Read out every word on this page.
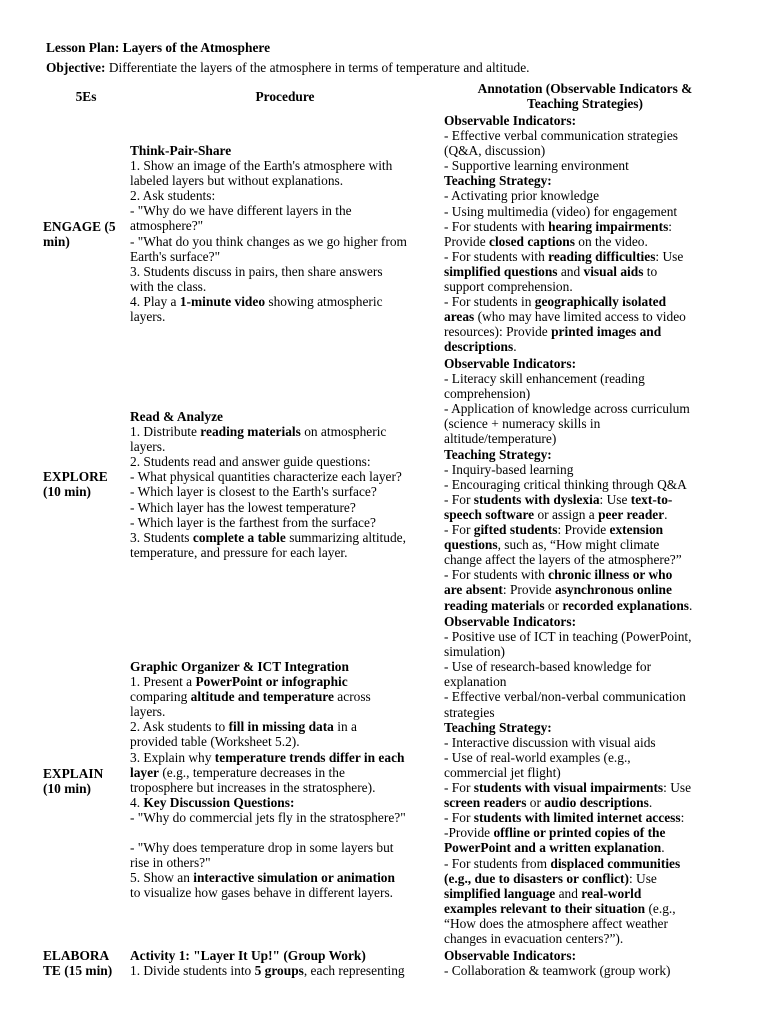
Lesson Plan: Layers of the Atmosphere
Objective: Differentiate the layers of the atmosphere in terms of temperature and altitude.
5Es	Procedure
Annotation (Observable Indicators &
Teaching Strategies)
ENGAGE (5
min)
Think-Pair-Share
1. Show an image of the Earth's atmosphere with
labeled layers but without explanations.
2. Ask students:
- "Why do we have different layers in the
atmosphere?"
- "What do you think changes as we go higher from
Earth's surface?"
3. Students discuss in pairs, then share answers
with the class.
4. Play a 1-minute video showing atmospheric
layers.
Observable Indicators:
- Effective verbal communication strategies
(Q&A, discussion)
- Supportive learning environment
Teaching Strategy:
- Activating prior knowledge
- Using multimedia (video) for engagement
- For students with hearing impairments:
Provide closed captions on the video.
- For students with reading difficulties: Use
simplified questions and visual aids to
support comprehension.
- For students in geographically isolated
areas (who may have limited access to video
resources): Provide printed images and
descriptions.
EXPLORE
(10 min)
Read & Analyze
1. Distribute reading materials on atmospheric
layers.
2. Students read and answer guide questions:
- What physical quantities characterize each layer?
- Which layer is closest to the Earth's surface?
- Which layer has the lowest temperature?
- Which layer is the farthest from the surface?
3. Students complete a table summarizing altitude,
temperature, and pressure for each layer.
Observable Indicators:
- Literacy skill enhancement (reading
comprehension)
- Application of knowledge across curriculum
(science + numeracy skills in
altitude/temperature)
Teaching Strategy:
- Inquiry-based learning
- Encouraging critical thinking through Q&A
- For students with dyslexia: Use text-to-
speech software or assign a peer reader.
- For gifted students: Provide extension
questions, such as, “How might climate
change affect the layers of the atmosphere?”
- For students with chronic illness or who
are absent: Provide asynchronous online
reading materials or recorded explanations.
EXPLAIN
(10 min)
Graphic Organizer & ICT Integration
1. Present a PowerPoint or infographic
comparing altitude and temperature across
layers.
2. Ask students to fill in missing data in a
provided table (Worksheet 5.2).
3. Explain why temperature trends differ in each
layer (e.g., temperature decreases in the
troposphere but increases in the stratosphere).
4. Key Discussion Questions:
- "Why do commercial jets fly in the stratosphere?"

- "Why does temperature drop in some layers but
rise in others?"
5. Show an interactive simulation or animation
to visualize how gases behave in different layers.
Observable Indicators:
- Positive use of ICT in teaching (PowerPoint,
simulation)
- Use of research-based knowledge for
explanation
- Effective verbal/non-verbal communication
strategies
Teaching Strategy:
- Interactive discussion with visual aids
- Use of real-world examples (e.g.,
commercial jet flight)
- For students with visual impairments: Use
screen readers or audio descriptions.
- For students with limited internet access:
-Provide offline or printed copies of the
PowerPoint and a written explanation.
- For students from displaced communities
(e.g., due to disasters or conflict): Use
simplified language and real-world
examples relevant to their situation (e.g.,
“How does the atmosphere affect weather
changes in evacuation centers?”).
ELABORA
TE (15 min)
Activity 1: "Layer It Up!" (Group Work)
1. Divide students into 5 groups, each representing
Observable Indicators:
- Collaboration & teamwork (group work)
